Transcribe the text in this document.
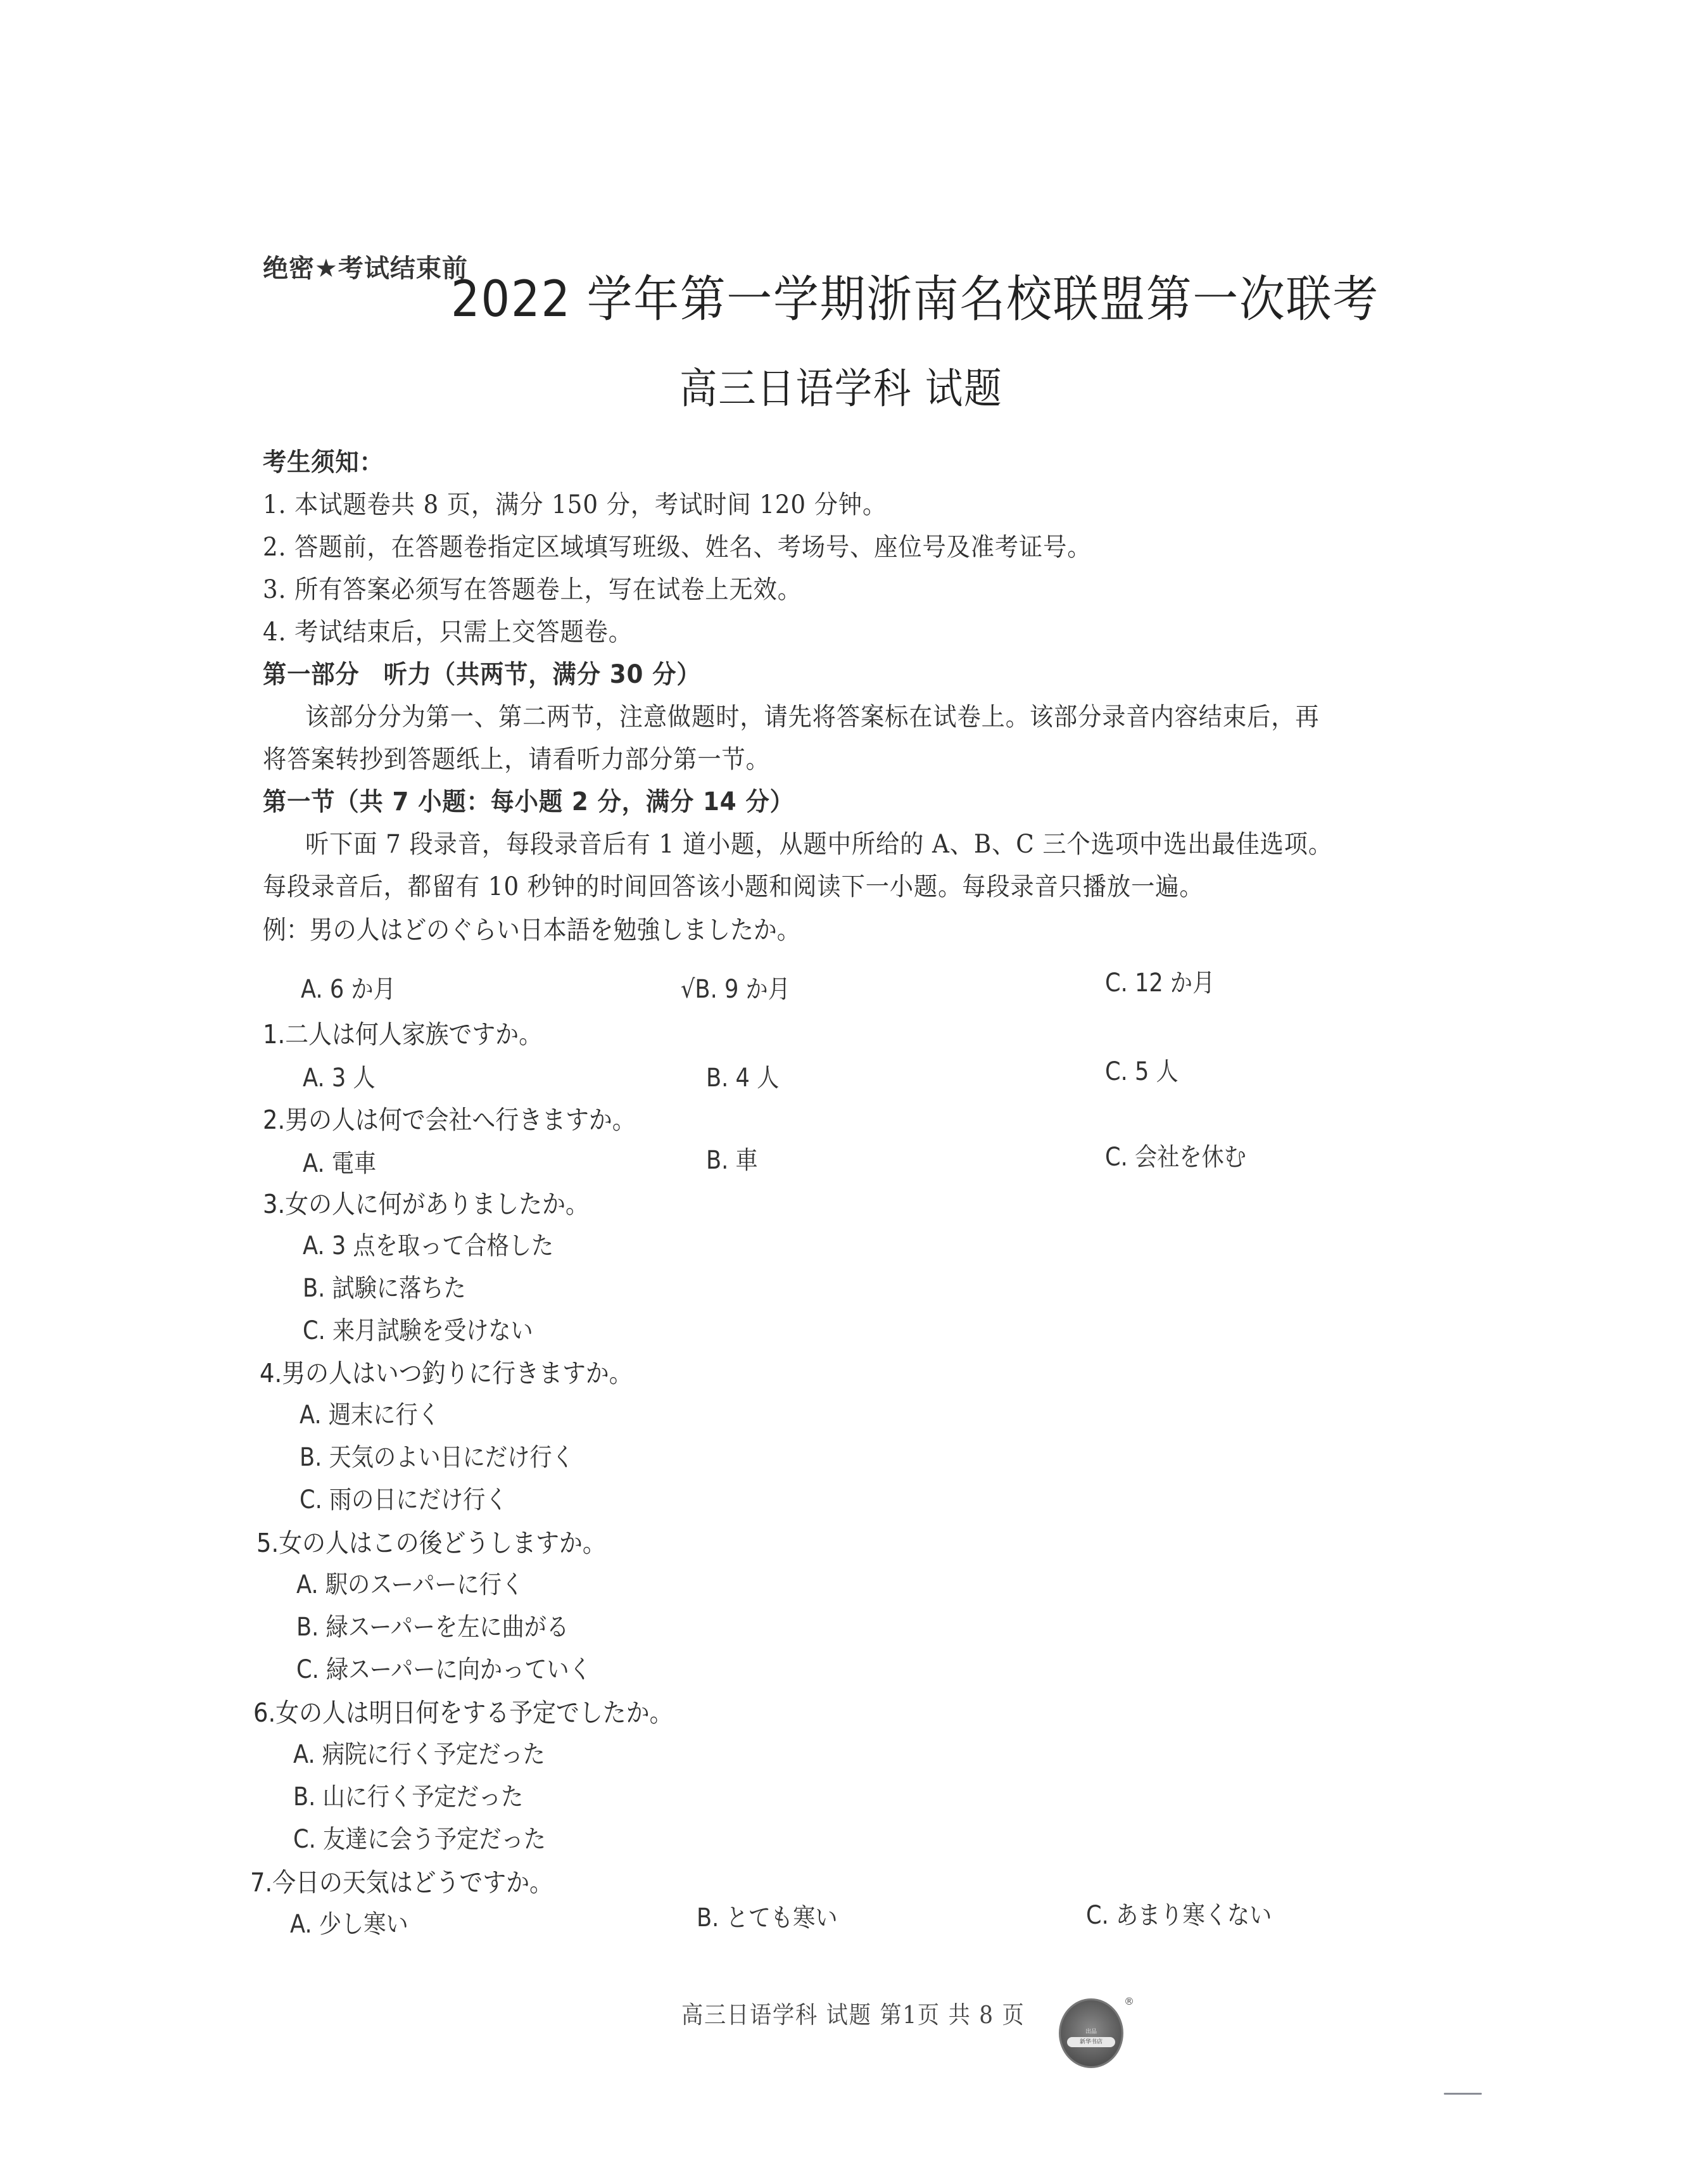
绝密★考试结束前
2022 学年第一学期浙南名校联盟第一次联考
高三日语学科 试题
考生须知：
1. 本试题卷共 8 页，满分 150 分，考试时间 120 分钟。
2. 答题前，在答题卷指定区域填写班级、姓名、考场号、座位号及准考证号。
3. 所有答案必须写在答题卷上，写在试卷上无效。
4. 考试结束后，只需上交答题卷。
第一部分　听力（共两节，满分 30 分）
该部分分为第一、第二两节，注意做题时，请先将答案标在试卷上。该部分录音内容结束后，再
将答案转抄到答题纸上，请看听力部分第一节。
第一节（共 7 小题：每小题 2 分，满分 14 分）
听下面 7 段录音，每段录音后有 1 道小题，从题中所给的 A、B、C 三个选项中选出最佳选项。
每段录音后，都留有 10 秒钟的时间回答该小题和阅读下一小题。每段录音只播放一遍。
例：男の人はどのぐらい日本語を勉強しましたか。
A. 6 か月	√B. 9 か月	C. 12 か月
1.二人は何人家族ですか。
A. 3 人	B. 4 人	C. 5 人
2.男の人は何で会社へ行きますか。
A. 電車	B. 車	C. 会社を休む
3.女の人に何がありましたか。
A. 3 点を取って合格した
B. 試験に落ちた
C. 来月試験を受けない
4.男の人はいつ釣りに行きますか。
A. 週末に行く
B. 天気のよい日にだけ行く
C. 雨の日にだけ行く
5.女の人はこの後どうしますか。
A. 駅のスーパーに行く
B. 緑スーパーを左に曲がる
C. 緑スーパーに向かっていく
6.女の人は明日何をする予定でしたか。
A. 病院に行く予定だった
B. 山に行く予定だった
C. 友達に会う予定だった
7.今日の天気はどうですか。
A. 少し寒い	B. とても寒い	C. あまり寒くない
高三日语学科 试题 第1页 共 8 页
出品
新华书店
®
